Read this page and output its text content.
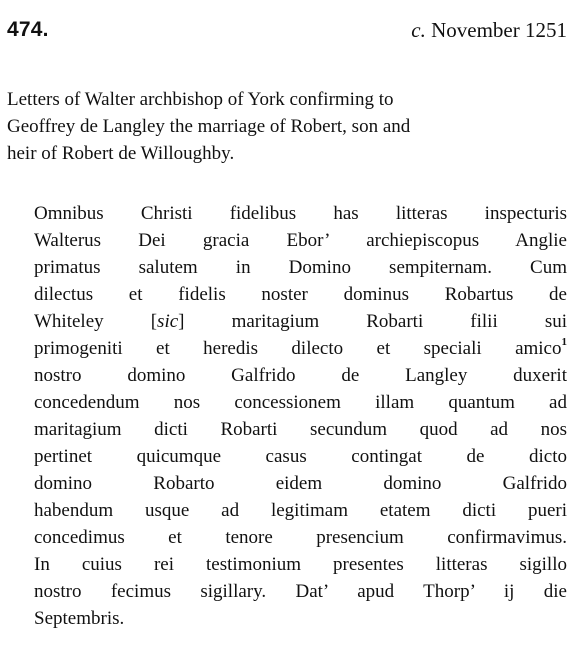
474.	c. November 1251
Letters of Walter archbishop of York confirming to
Geoffrey de Langley the marriage of Robert, son and
heir of Robert de Willoughby.
Omnibus Christi fidelibus has litteras inspecturis
Walterus Dei gracia Ebor’ archiepiscopus Anglie
primatus salutem in Domino sempiternam. Cum
dilectus et fidelis noster dominus Robartus de
Whiteley [sic] maritagium Robarti filii sui
primogeniti et heredis dilecto et speciali amico$^1$
nostro domino Galfrido de Langley duxerit
concedendum nos concessionem illam quantum ad
maritagium dicti Robarti secundum quod ad nos
pertinet quicumque casus contingat de dicto
domino Robarto eidem domino Galfrido
habendum usque ad legitimam etatem dicti pueri
concedimus et tenore presencium confirmavimus.
In cuius rei testimonium presentes litteras sigillo
nostro fecimus sigillary. Dat’ apud Thorp’ ij die
Septembris.
